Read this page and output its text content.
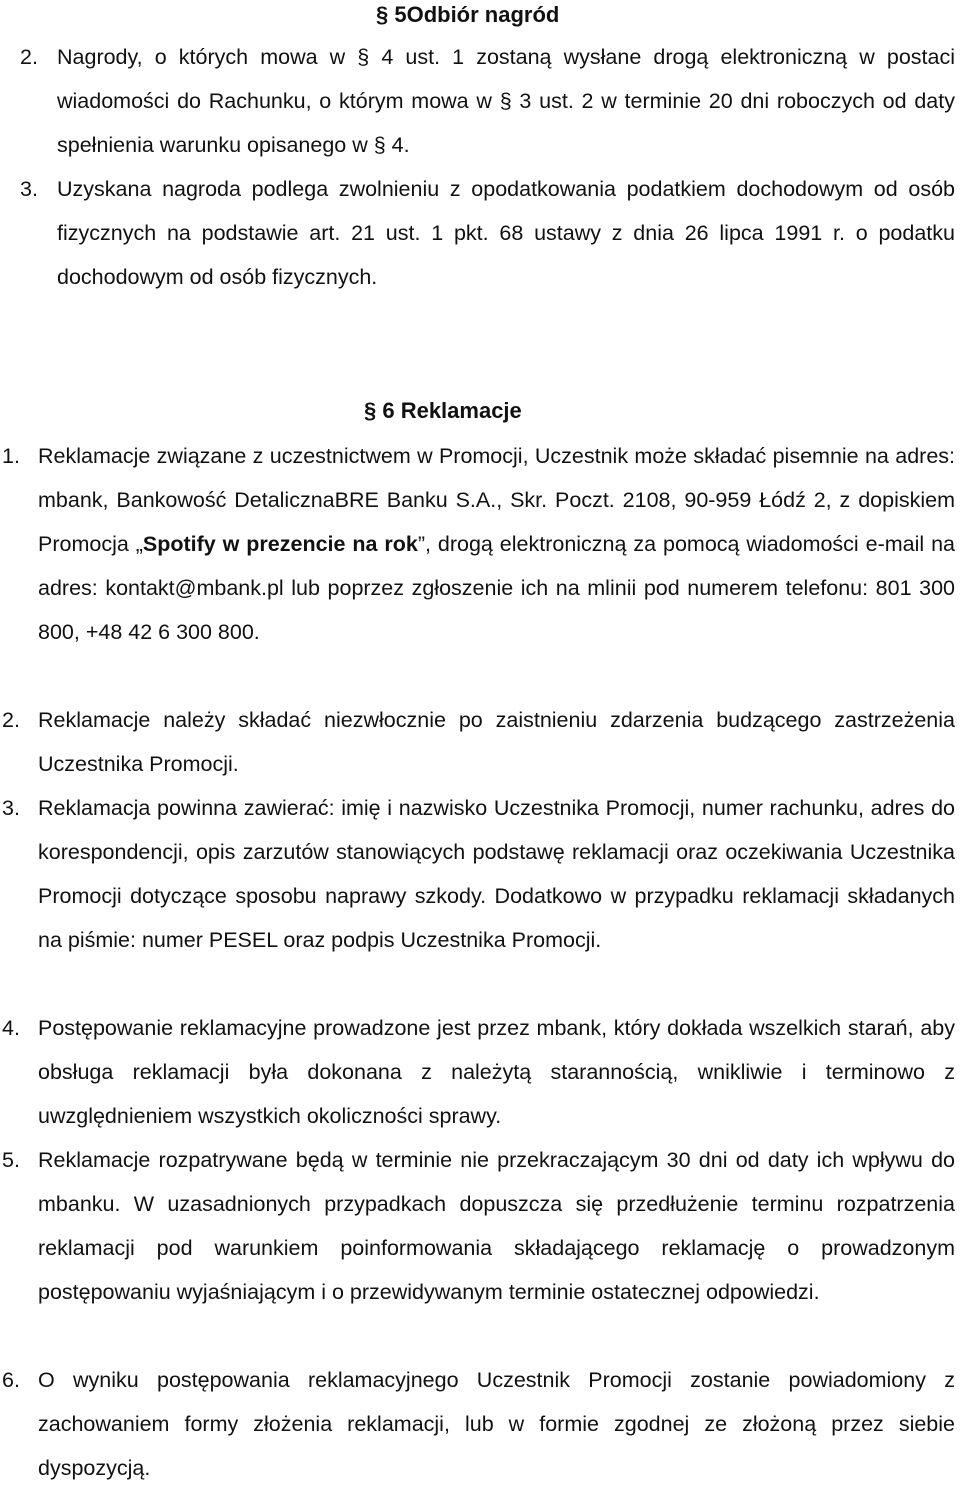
§ 5Odbiór nagród
2. Nagrody, o których mowa w § 4 ust. 1 zostaną wysłane drogą elektroniczną w postaci wiadomości do Rachunku, o którym mowa w § 3 ust. 2 w terminie 20 dni roboczych od daty spełnienia warunku opisanego w § 4.

3. Uzyskana nagroda podlega zwolnieniu z opodatkowania podatkiem dochodowym od osób fizycznych na podstawie art. 21 ust. 1 pkt. 68 ustawy z dnia 26 lipca 1991 r. o podatku dochodowym od osób fizycznych.

§ 6 Reklamacje
1. Reklamacje związane z uczestnictwem w Promocji, Uczestnik może składać pisemnie na adres: mbank, Bankowość DetalicznaBRE Banku S.A., Skr. Poczt. 2108, 90-959 Łódź 2, z dopiskiem Promocja „Spotify w prezencie na rok”, drogą elektroniczną za pomocą wiadomości e-mail na adres: kontakt@mbank.pl lub poprzez zgłoszenie ich na mlinii pod numerem telefonu: 801 300 800, +48 42 6 300 800.

2. Reklamacje należy składać niezwłocznie po zaistnieniu zdarzenia budzącego zastrzeżenia Uczestnika Promocji.

3. Reklamacja powinna zawierać: imię i nazwisko Uczestnika Promocji, numer rachunku, adres do korespondencji, opis zarzutów stanowiących podstawę reklamacji oraz oczekiwania Uczestnika Promocji dotyczące sposobu naprawy szkody. Dodatkowo w przypadku reklamacji składanych na piśmie: numer PESEL oraz podpis Uczestnika Promocji.

4. Postępowanie reklamacyjne prowadzone jest przez mbank, który dokłada wszelkich starań, aby obsługa reklamacji była dokonana z należytą starannością, wnikliwie i terminowo z uwzględnieniem wszystkich okoliczności sprawy.

5. Reklamacje rozpatrywane będą w terminie nie przekraczającym 30 dni od daty ich wpływu do mbanku. W uzasadnionych przypadkach dopuszcza się przedłużenie terminu rozpatrzenia reklamacji pod warunkiem poinformowania składającego reklamację o prowadzonym postępowaniu wyjaśniającym i o przewidywanym terminie ostatecznej odpowiedzi.

6. O wyniku postępowania reklamacyjnego Uczestnik Promocji zostanie powiadomiony z zachowaniem formy złożenia reklamacji, lub w formie zgodnej ze złożoną przez siebie dyspozycją.
